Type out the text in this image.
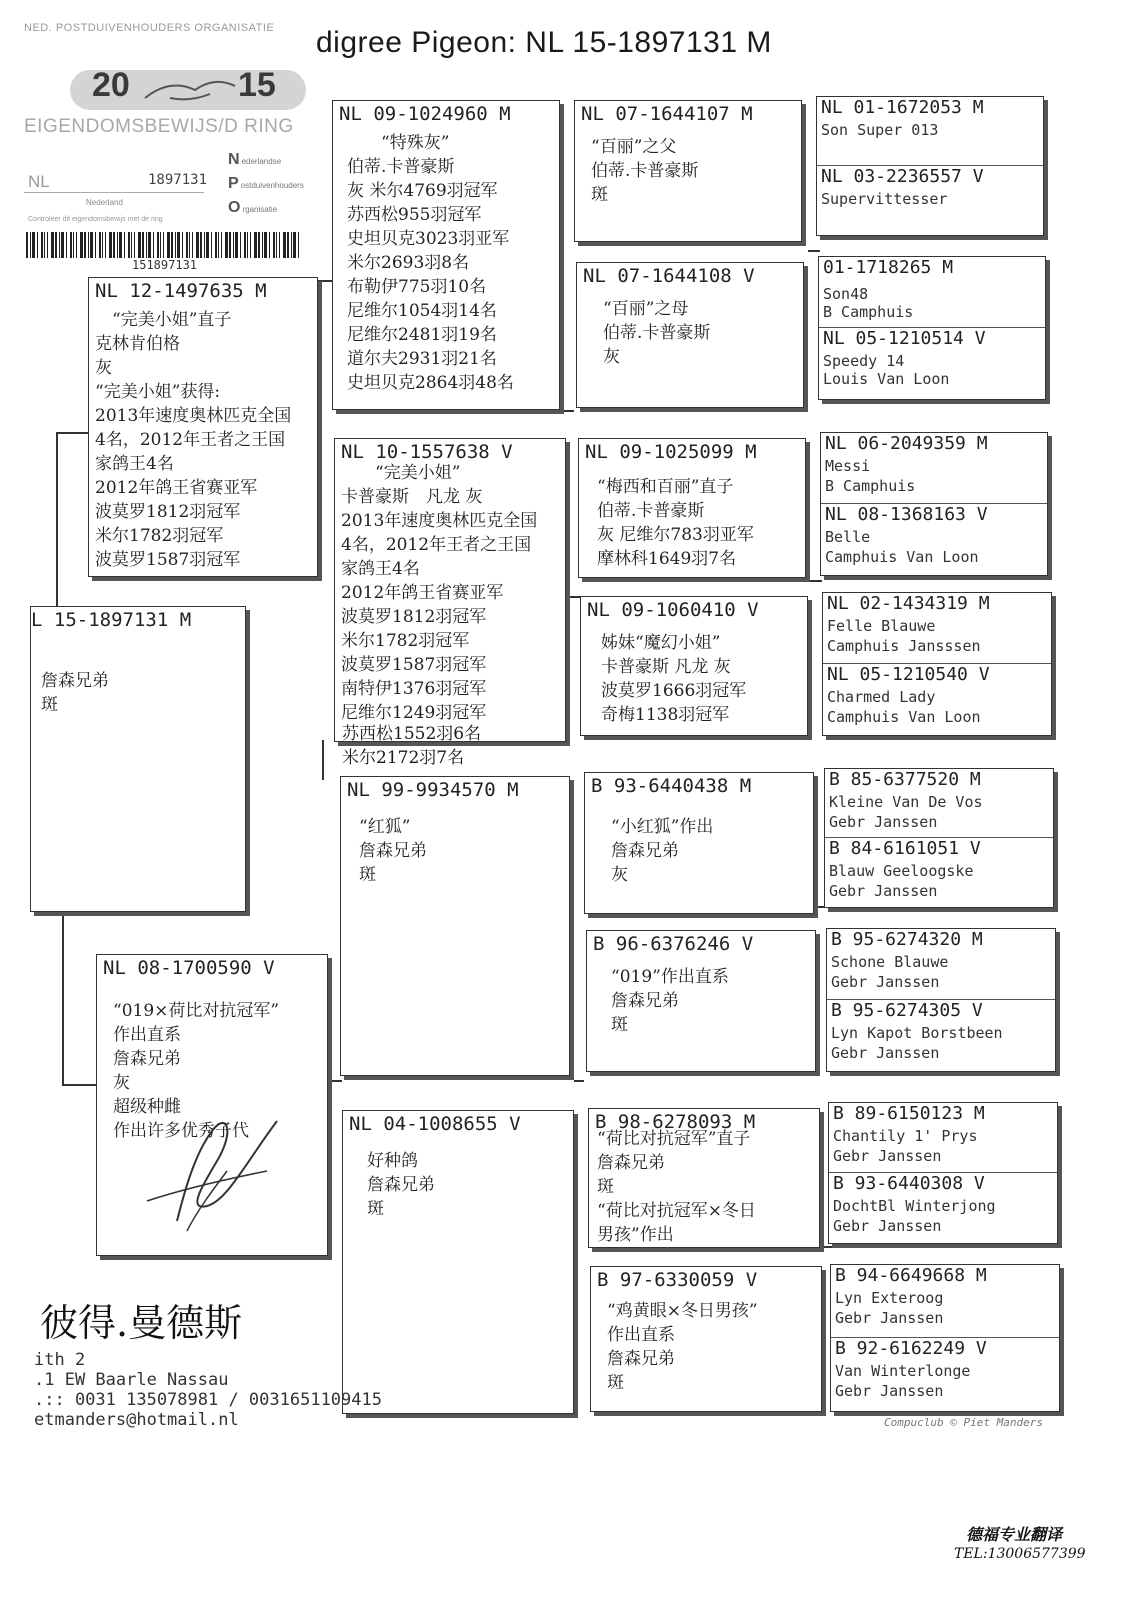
digree Pigeon: NL 15-1897131 M
NED. POSTDUIVENHOUDERS ORGANISATIE
20	15
EIGENDOMSBEWIJS/D RING
NL	1897131
Nederland
Nederlandse
Postduivenhouders
Organisatie
Controleer dit eigendomsbewijs met de ring
151897131
L 15-1897131 M
詹森兄弟
斑
NL 12-1497635 M
　“完美小姐”直子
克林肯伯格
灰
“完美小姐”获得:
2013年速度奥林匹克全国
4名，2012年王者之王国
家鸽王4名
2012年鸽王省赛亚军
波莫罗1812羽冠军
米尔1782羽冠军
波莫罗1587羽冠军
NL 08-1700590 V
“019×荷比对抗冠军”
作出直系
詹森兄弟
灰
超级种雌
作出许多优秀子代
NL 09-1024960 M
　　“特殊灰”
伯蒂.卡普豪斯
灰 米尔4769羽冠军
苏西松955羽冠军
史坦贝克3023羽亚军
米尔2693羽8名
布勒伊775羽10名
尼维尔1054羽14名
尼维尔2481羽19名
道尔夫2931羽21名
史坦贝克2864羽48名
NL 10-1557638 V
　　“完美小姐”
卡普豪斯　凡龙 灰
2013年速度奥林匹克全国
4名，2012年王者之王国
家鸽王4名
2012年鸽王省赛亚军
波莫罗1812羽冠军
米尔1782羽冠军
波莫罗1587羽冠军
南特伊1376羽冠军
尼维尔1249羽冠军
苏西松1552羽6名
米尔2172羽7名
NL 99-9934570 M
“红狐”
詹森兄弟
斑
NL 04-1008655 V
好种鸽
詹森兄弟
斑
NL 07-1644107 M
“百丽”之父
伯蒂.卡普豪斯
斑
NL 07-1644108 V
“百丽”之母
伯蒂.卡普豪斯
灰
NL 09-1025099 M
“梅西和百丽”直子
伯蒂.卡普豪斯
灰 尼维尔783羽亚军
摩林科1649羽7名
NL 09-1060410 V
姊妹“魔幻小姐”
卡普豪斯 凡龙 灰
波莫罗1666羽冠军
奇梅1138羽冠军
B 93-6440438 M
“小红狐”作出
詹森兄弟
灰
B 96-6376246 V
“019”作出直系
詹森兄弟
斑
B 98-6278093 M
“荷比对抗冠军”直子
詹森兄弟
斑
“荷比对抗冠军×冬日
男孩”作出
B 97-6330059 V
“鸡黄眼×冬日男孩”
作出直系
詹森兄弟
斑
NL 01-1672053 M
Son Super 013
NL 03-2236557 V
Supervittesser
01-1718265 M
Son48
B Camphuis
NL 05-1210514 V
Speedy 14
Louis Van Loon
NL 06-2049359 M
Messi
B Camphuis
NL 08-1368163 V
Belle
Camphuis Van Loon
NL 02-1434319 M
Felle Blauwe
Camphuis Jansssen
NL 05-1210540 V
Charmed Lady
Camphuis Van Loon
B 85-6377520 M
Kleine Van De Vos
Gebr Janssen
B 84-6161051 V
Blauw Geeloogske
Gebr Janssen
B 95-6274320 M
Schone Blauwe
Gebr Janssen
B 95-6274305 V
Lyn Kapot Borstbeen
Gebr Janssen
B 89-6150123 M
Chantily 1' Prys
Gebr Janssen
B 93-6440308 V
DochtBl Winterjong
Gebr Janssen
B 94-6649668 M
Lyn Exteroog
Gebr Janssen
B 92-6162249 V
Van Winterlonge
Gebr Janssen
彼得.曼德斯
ith 2
.1 EW Baarle Nassau
.:: 0031 135078981 / 0031651109415
etmanders@hotmail.nl	Compuclub © Piet Manders
德福专业翻译
TEL:13006577399
